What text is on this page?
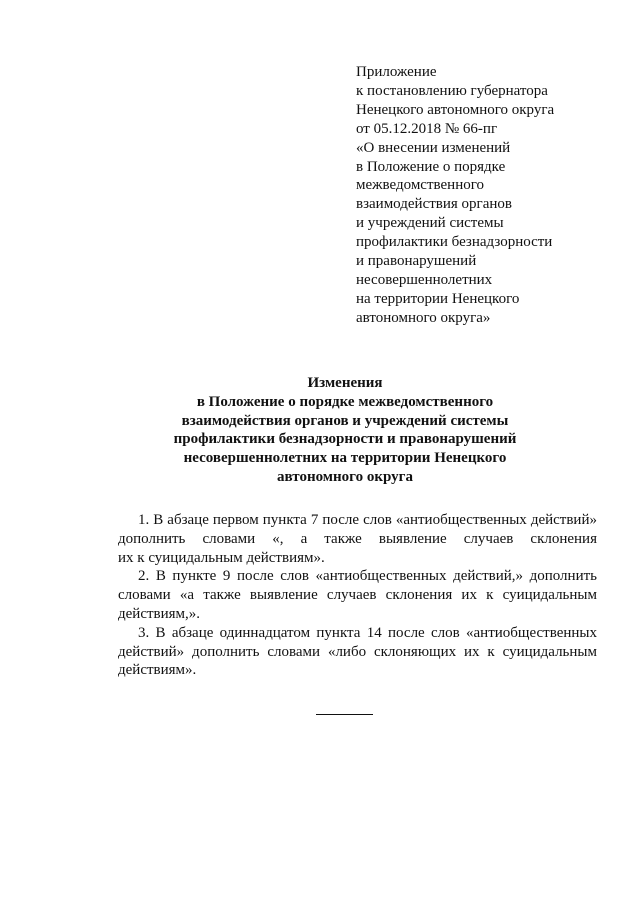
Приложение
к постановлению губернатора
Ненецкого автономного округа
от 05.12.2018 № 66-пг
«О внесении изменений
в Положение о порядке
межведомственного
взаимодействия органов
и учреждений системы
профилактики безнадзорности
и правонарушений
несовершеннолетних
на территории Ненецкого
автономного округа»
Изменения
в Положение о порядке межведомственного
взаимодействия органов и учреждений системы
профилактики безнадзорности и правонарушений
несовершеннолетних на территории Ненецкого
автономного округа
1. В абзаце первом пункта 7 после слов «антиобщественных действий»
дополнить словами «, а также выявление случаев склонения
их к суицидальным действиям».
2. В пункте 9 после слов «антиобщественных действий,» дополнить
словами «а также выявление случаев склонения их к суицидальным
действиям,».
3. В абзаце одиннадцатом пункта 14 после слов «антиобщественных
действий» дополнить словами «либо склоняющих их к суицидальным
действиям».
